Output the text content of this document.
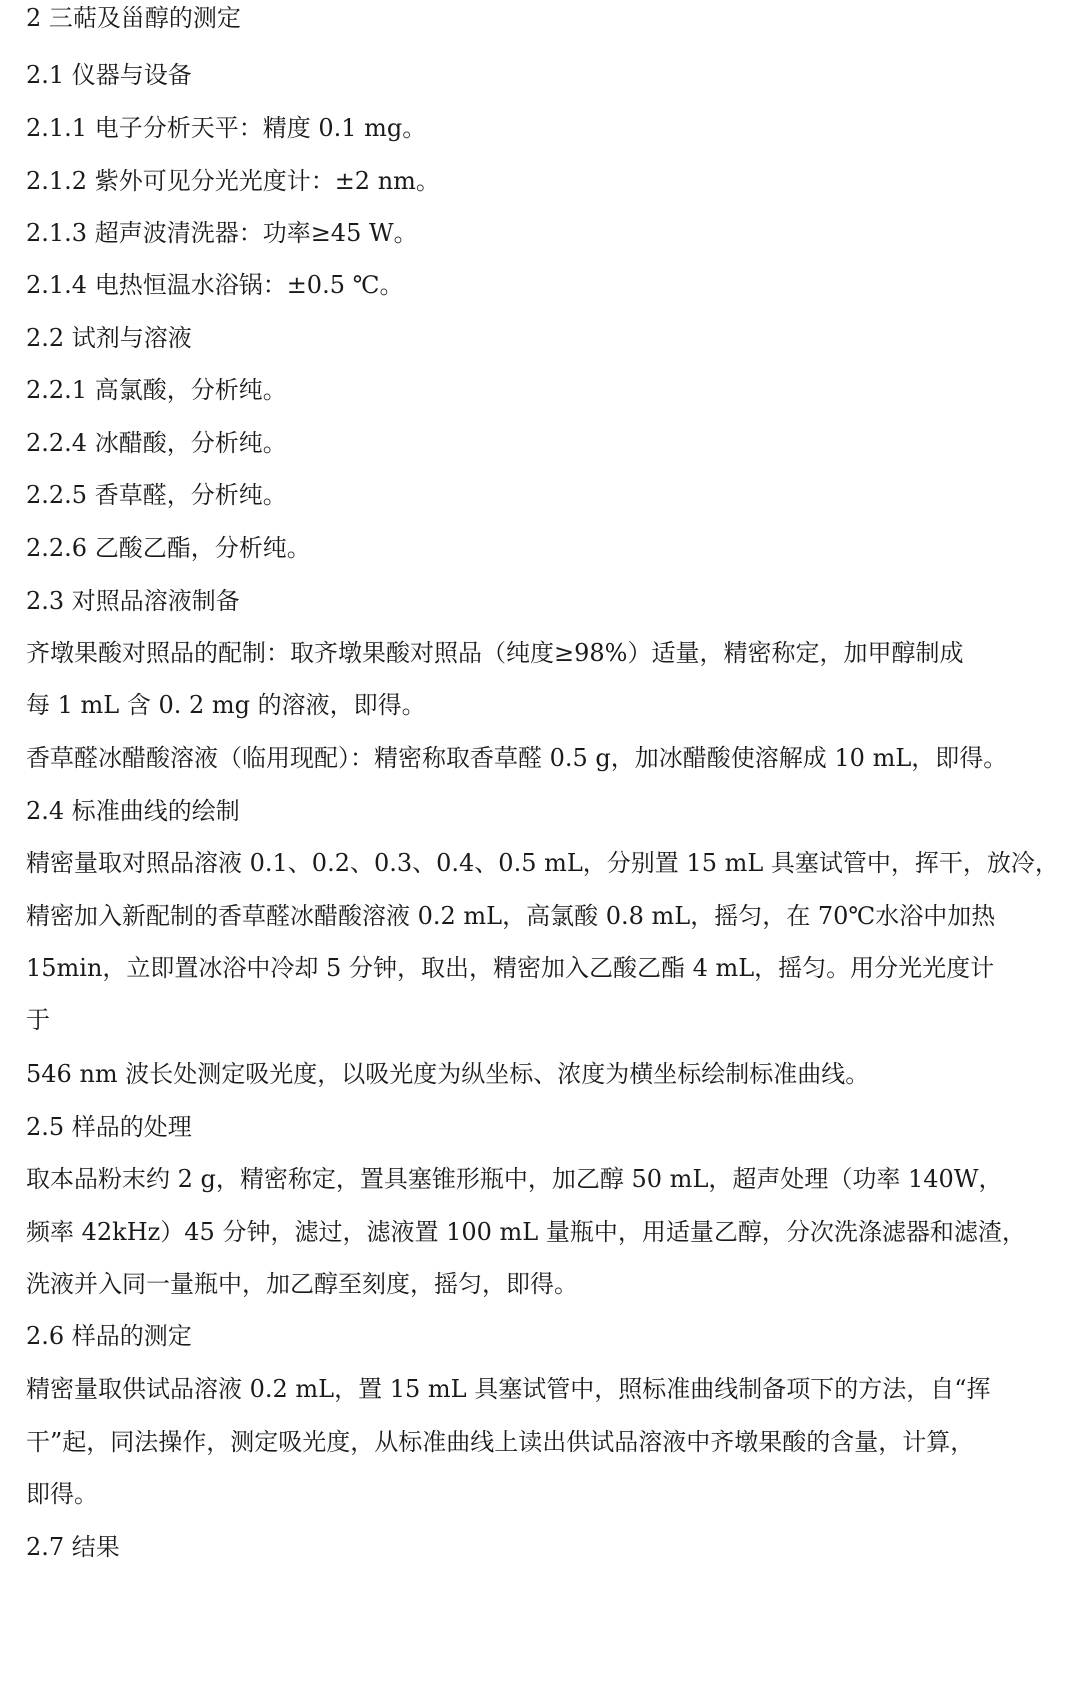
2 三萜及甾醇的测定
2.1 仪器与设备
2.1.1 电子分析天平：精度 0.1 mg。
2.1.2 紫外可见分光光度计：±2 nm。
2.1.3 超声波清洗器：功率≥45 W。
2.1.4 电热恒温水浴锅：±0.5 ℃。
2.2 试剂与溶液
2.2.1 高氯酸，分析纯。
2.2.4 冰醋酸，分析纯。
2.2.5 香草醛，分析纯。
2.2.6 乙酸乙酯，分析纯。
2.3 对照品溶液制备
齐墩果酸对照品的配制：取齐墩果酸对照品（纯度≥98%）适量，精密称定，加甲醇制成
每 1 mL 含 0. 2 mg 的溶液，即得。
香草醛冰醋酸溶液（临用现配）：精密称取香草醛 0.5 g，加冰醋酸使溶解成 10 mL，即得。
2.4 标准曲线的绘制
精密量取对照品溶液 0.1、0.2、0.3、0.4、0.5 mL，分别置 15 mL 具塞试管中，挥干，放冷，
精密加入新配制的香草醛冰醋酸溶液 0.2 mL，高氯酸 0.8 mL，摇匀，在 70℃水浴中加热
15min，立即置冰浴中冷却 5 分钟，取出，精密加入乙酸乙酯 4 mL，摇匀。用分光光度计
于
546 nm 波长处测定吸光度，以吸光度为纵坐标、浓度为横坐标绘制标准曲线。
2.5 样品的处理
取本品粉末约 2 g，精密称定，置具塞锥形瓶中，加乙醇 50 mL，超声处理（功率 140W，
频率 42kHz）45 分钟，滤过，滤液置 100 mL 量瓶中，用适量乙醇，分次洗涤滤器和滤渣，
洗液并入同一量瓶中，加乙醇至刻度，摇匀，即得。
2.6 样品的测定
精密量取供试品溶液 0.2 mL，置 15 mL 具塞试管中，照标准曲线制备项下的方法，自“挥
干”起，同法操作，测定吸光度，从标准曲线上读出供试品溶液中齐墩果酸的含量，计算，
即得。
2.7 结果
